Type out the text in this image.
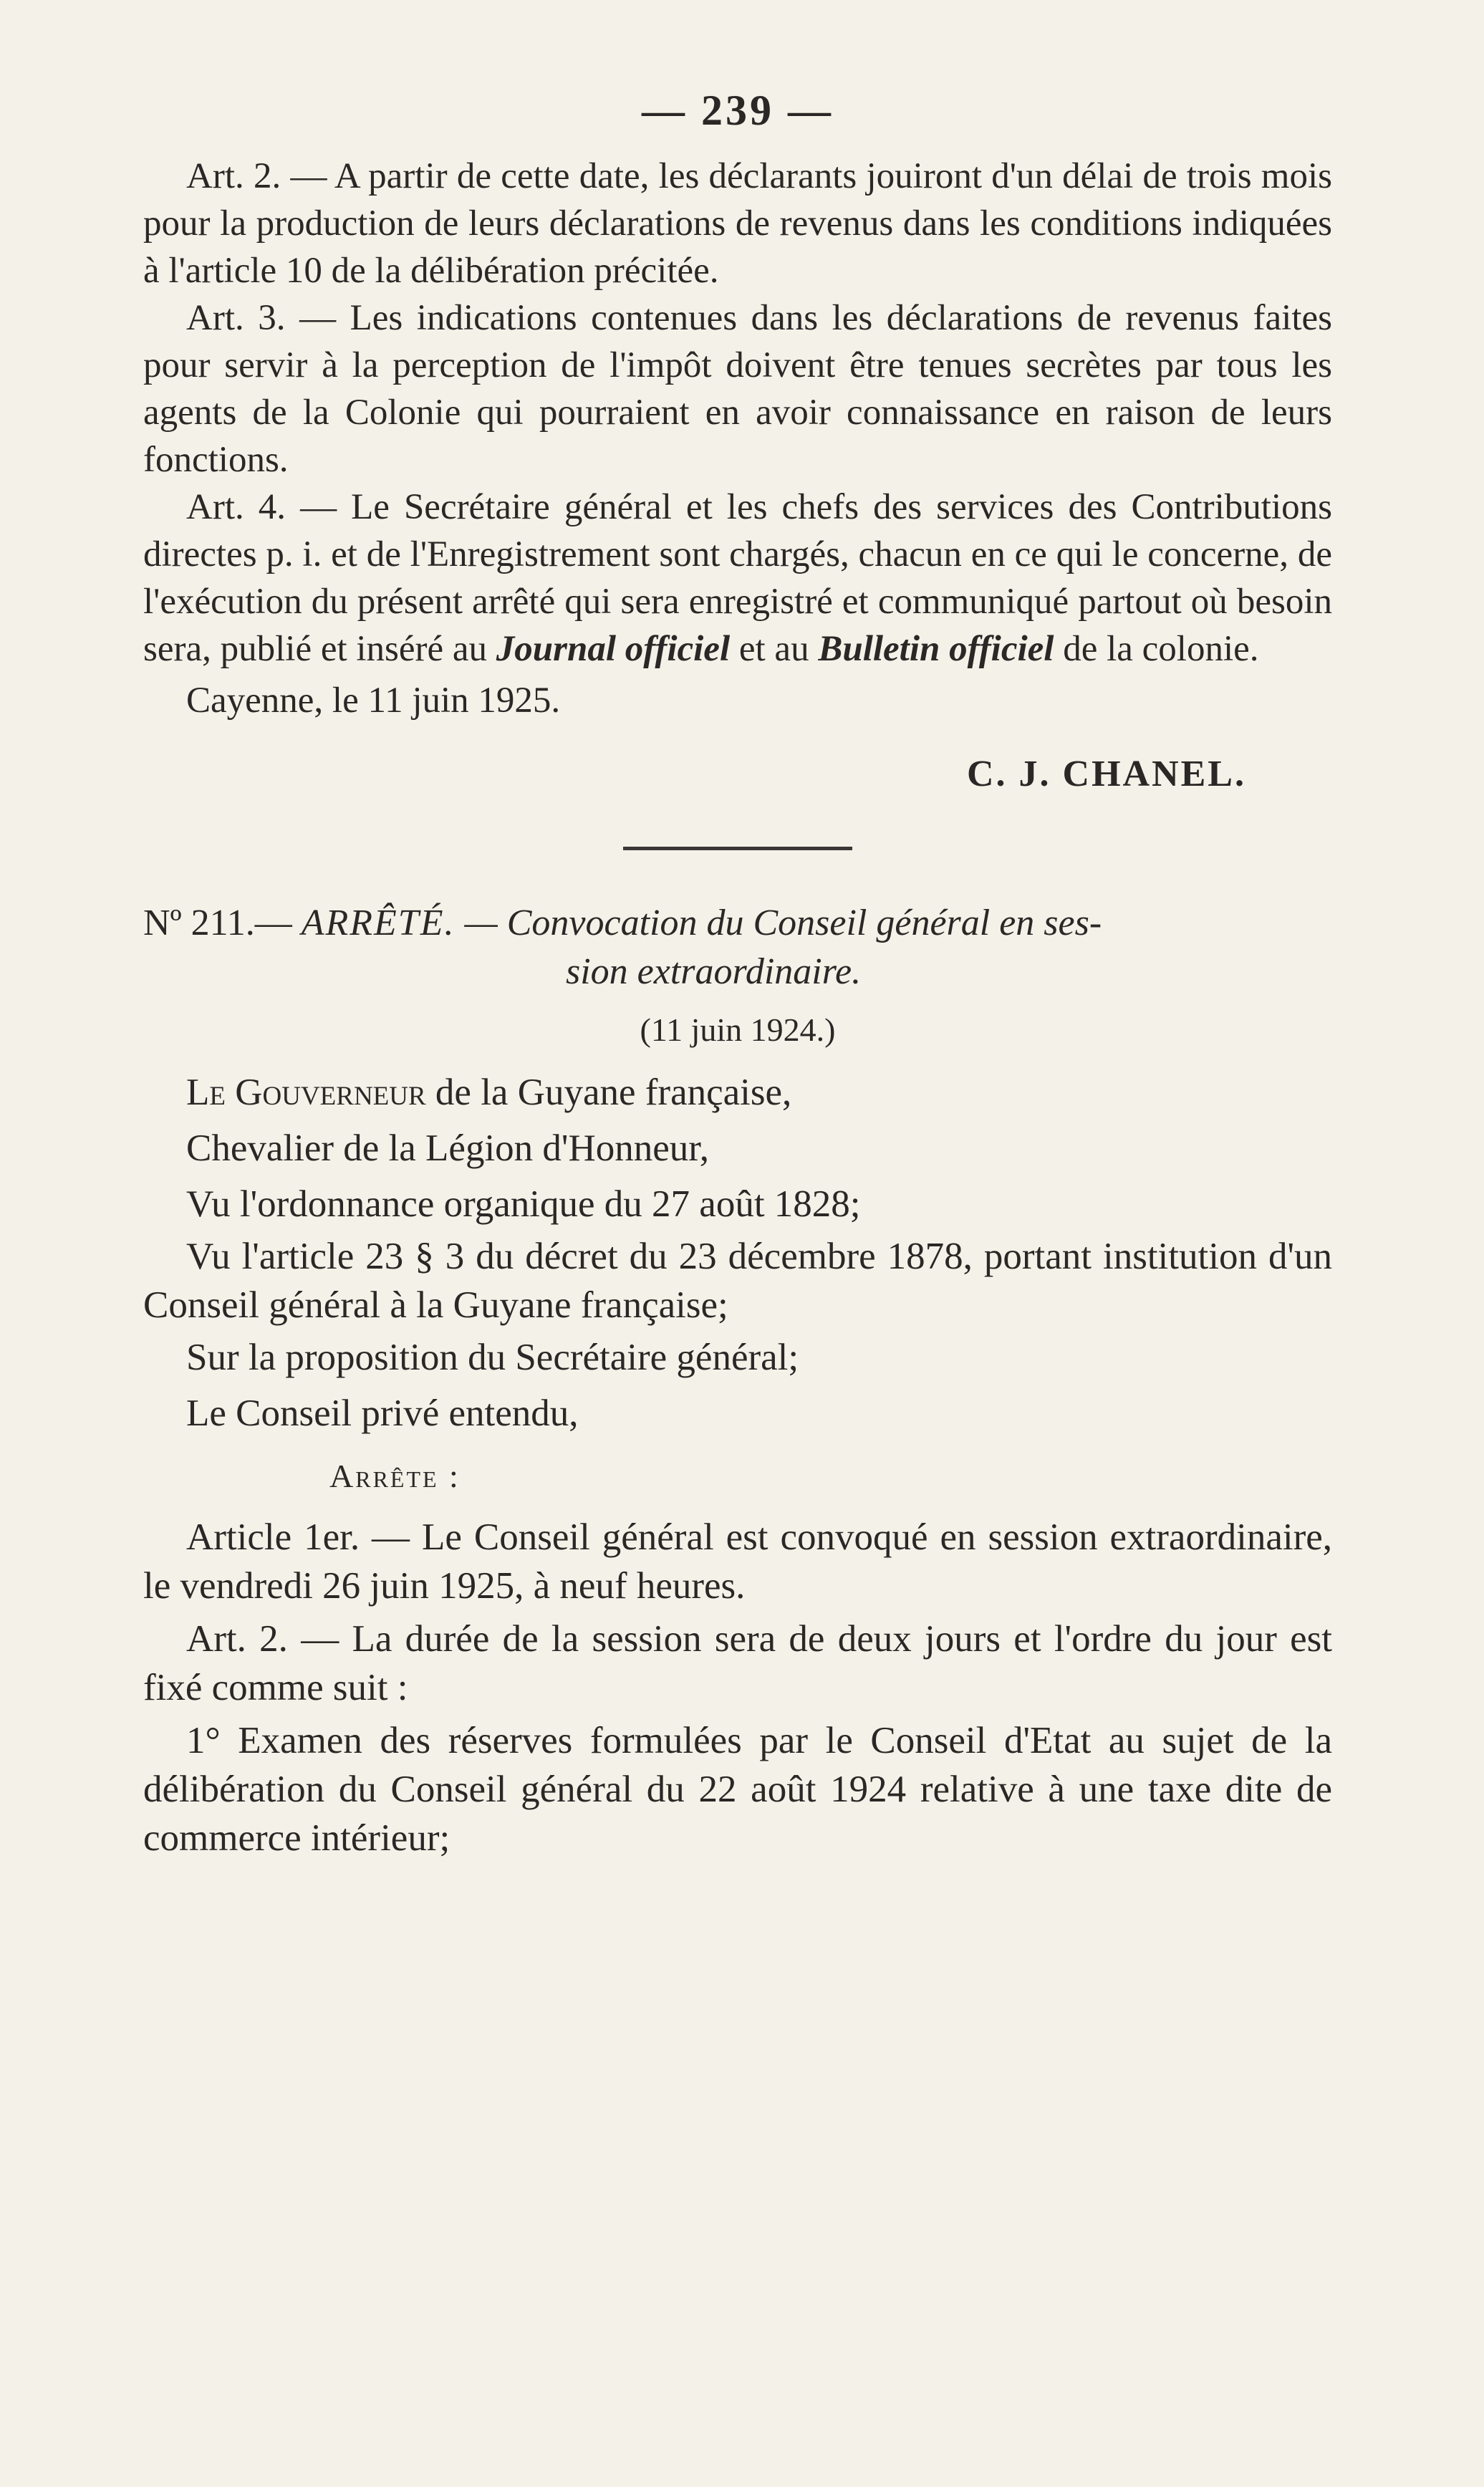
— 239 —

Art. 2. — A partir de cette date, les déclarants jouiront d'un délai de trois mois pour la production de leurs déclarations de revenus dans les conditions indiquées à l'article 10 de la délibération précitée.

Art. 3. — Les indications contenues dans les déclarations de revenus faites pour servir à la perception de l'impôt doivent être tenues secrètes par tous les agents de la Colonie qui pourraient en avoir connaissance en raison de leurs fonctions.

Art. 4. — Le Secrétaire général et les chefs des services des Contributions directes p. i. et de l'Enregistrement sont chargés, chacun en ce qui le concerne, de l'exécution du présent arrêté qui sera enregistré et communiqué partout où besoin sera, publié et inséré au Journal officiel et au Bulletin officiel de la colonie.

Cayenne, le 11 juin 1925.

C. J. CHANEL.
Nº 211.— ARRÊTÉ. — Convocation du Conseil général en ses-
sion extraordinaire.
(11 juin 1924.)
Le Gouverneur de la Guyane française,
Chevalier de la Légion d'Honneur,
Vu l'ordonnance organique du 27 août 1828;

Vu l'article 23 § 3 du décret du 23 décembre 1878, portant institution d'un Conseil général à la Guyane française;

Sur la proposition du Secrétaire général;
Le Conseil privé entendu,
Arrête :

Article 1er. — Le Conseil général est convoqué en session extraordinaire, le vendredi 26 juin 1925, à neuf heures.

Art. 2. — La durée de la session sera de deux jours et l'ordre du jour est fixé comme suit :

1° Examen des réserves formulées par le Conseil d'Etat au sujet de la délibération du Conseil général du 22 août 1924 relative à une taxe dite de commerce intérieur;
